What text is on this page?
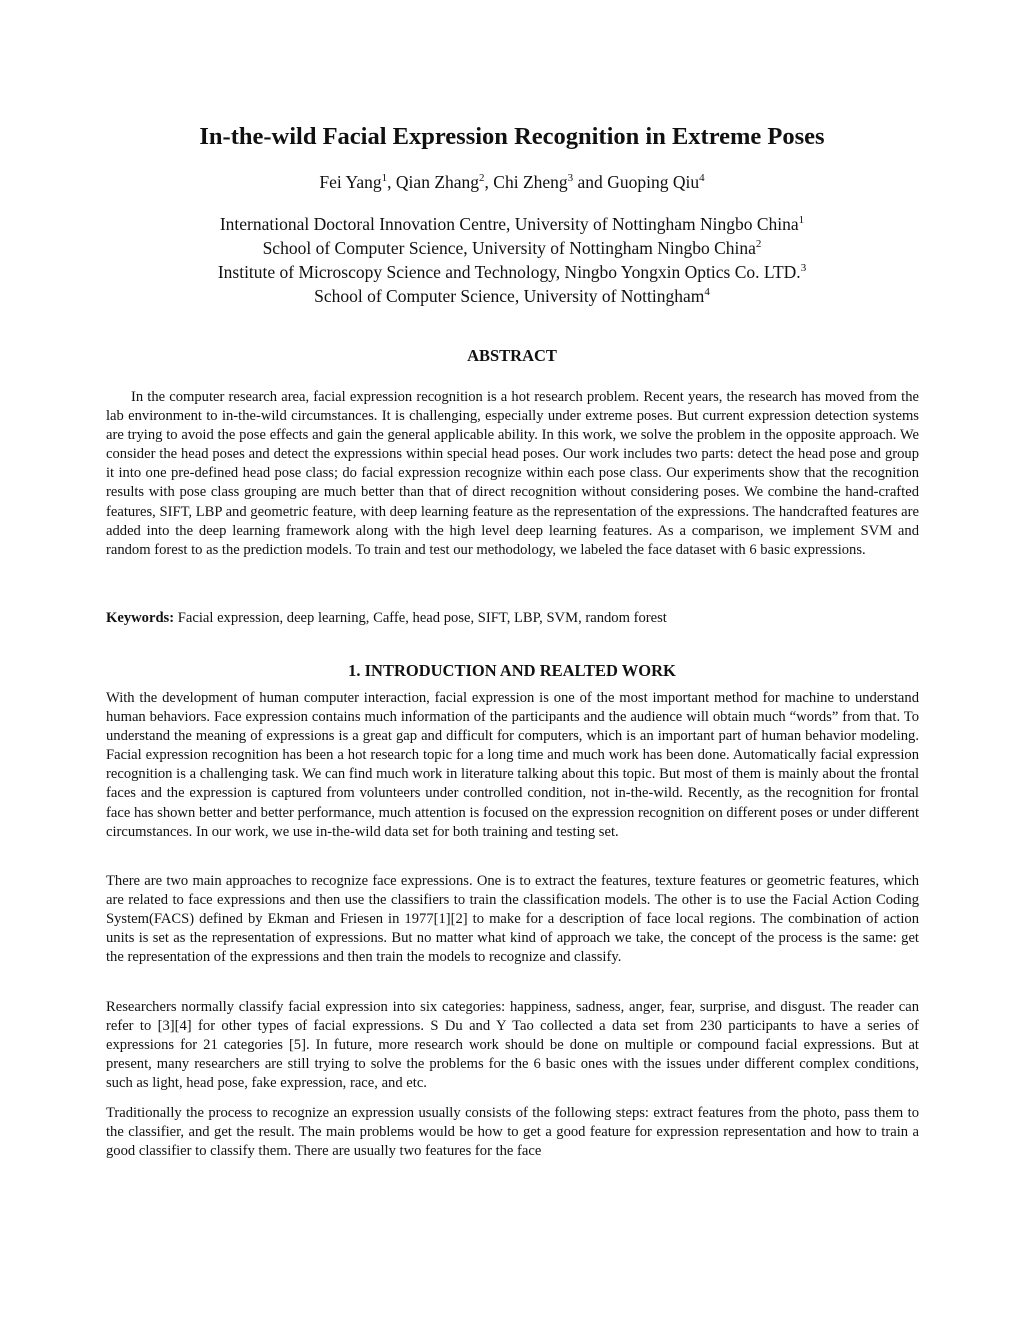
In-the-wild Facial Expression Recognition in Extreme Poses
Fei Yang$^1$, Qian Zhang$^2$, Chi Zheng$^3$ and Guoping Qiu$^4$
International Doctoral Innovation Centre, University of Nottingham Ningbo China$^1$
School of Computer Science, University of Nottingham Ningbo China$^2$
Institute of Microscopy Science and Technology, Ningbo Yongxin Optics Co. LTD.$^3$
School of Computer Science, University of Nottingham$^4$
ABSTRACT

In the computer research area, facial expression recognition is a hot research problem. Recent years, the research has moved from the lab environment to in-the-wild circumstances. It is challenging, especially under extreme poses. But current expression detection systems are trying to avoid the pose effects and gain the general applicable ability. In this work, we solve the problem in the opposite approach. We consider the head poses and detect the expressions within special head poses. Our work includes two parts: detect the head pose and group it into one pre-defined head pose class; do facial expression recognize within each pose class. Our experiments show that the recognition results with pose class grouping are much better than that of direct recognition without considering poses. We combine the hand-crafted features, SIFT, LBP and geometric feature, with deep learning feature as the representation of the expressions. The handcrafted features are added into the deep learning framework along with the high level deep learning features. As a comparison, we implement SVM and random forest to as the prediction models. To train and test our methodology, we labeled the face dataset with 6 basic expressions.

Keywords: Facial expression, deep learning, Caffe, head pose, SIFT, LBP, SVM, random forest

1. INTRODUCTION AND REALTED WORK

With the development of human computer interaction, facial expression is one of the most important method for machine to understand human behaviors. Face expression contains much information of the participants and the audience will obtain much “words” from that. To understand the meaning of expressions is a great gap and difficult for computers, which is an important part of human behavior modeling. Facial expression recognition has been a hot research topic for a long time and much work has been done. Automatically facial expression recognition is a challenging task. We can find much work in literature talking about this topic. But most of them is mainly about the frontal faces and the expression is captured from volunteers under controlled condition, not in-the-wild. Recently, as the recognition for frontal face has shown better and better performance, much attention is focused on the expression recognition on different poses or under different circumstances. In our work, we use in-the-wild data set for both training and testing set.

There are two main approaches to recognize face expressions. One is to extract the features, texture features or geometric features, which are related to face expressions and then use the classifiers to train the classification models. The other is to use the Facial Action Coding System(FACS) defined by Ekman and Friesen in 1977[1][2] to make for a description of face local regions. The combination of action units is set as the representation of expressions. But no matter what kind of approach we take, the concept of the process is the same: get the representation of the expressions and then train the models to recognize and classify.

Researchers normally classify facial expression into six categories: happiness, sadness, anger, fear, surprise, and disgust. The reader can refer to [3][4] for other types of facial expressions. S Du and Y Tao collected a data set from 230 participants to have a series of expressions for 21 categories [5]. In future, more research work should be done on multiple or compound facial expressions. But at present, many researchers are still trying to solve the problems for the 6 basic ones with the issues under different complex conditions, such as light, head pose, fake expression, race, and etc.

Traditionally the process to recognize an expression usually consists of the following steps: extract features from the photo, pass them to the classifier, and get the result. The main problems would be how to get a good feature for expression representation and how to train a good classifier to classify them. There are usually two features for the face
